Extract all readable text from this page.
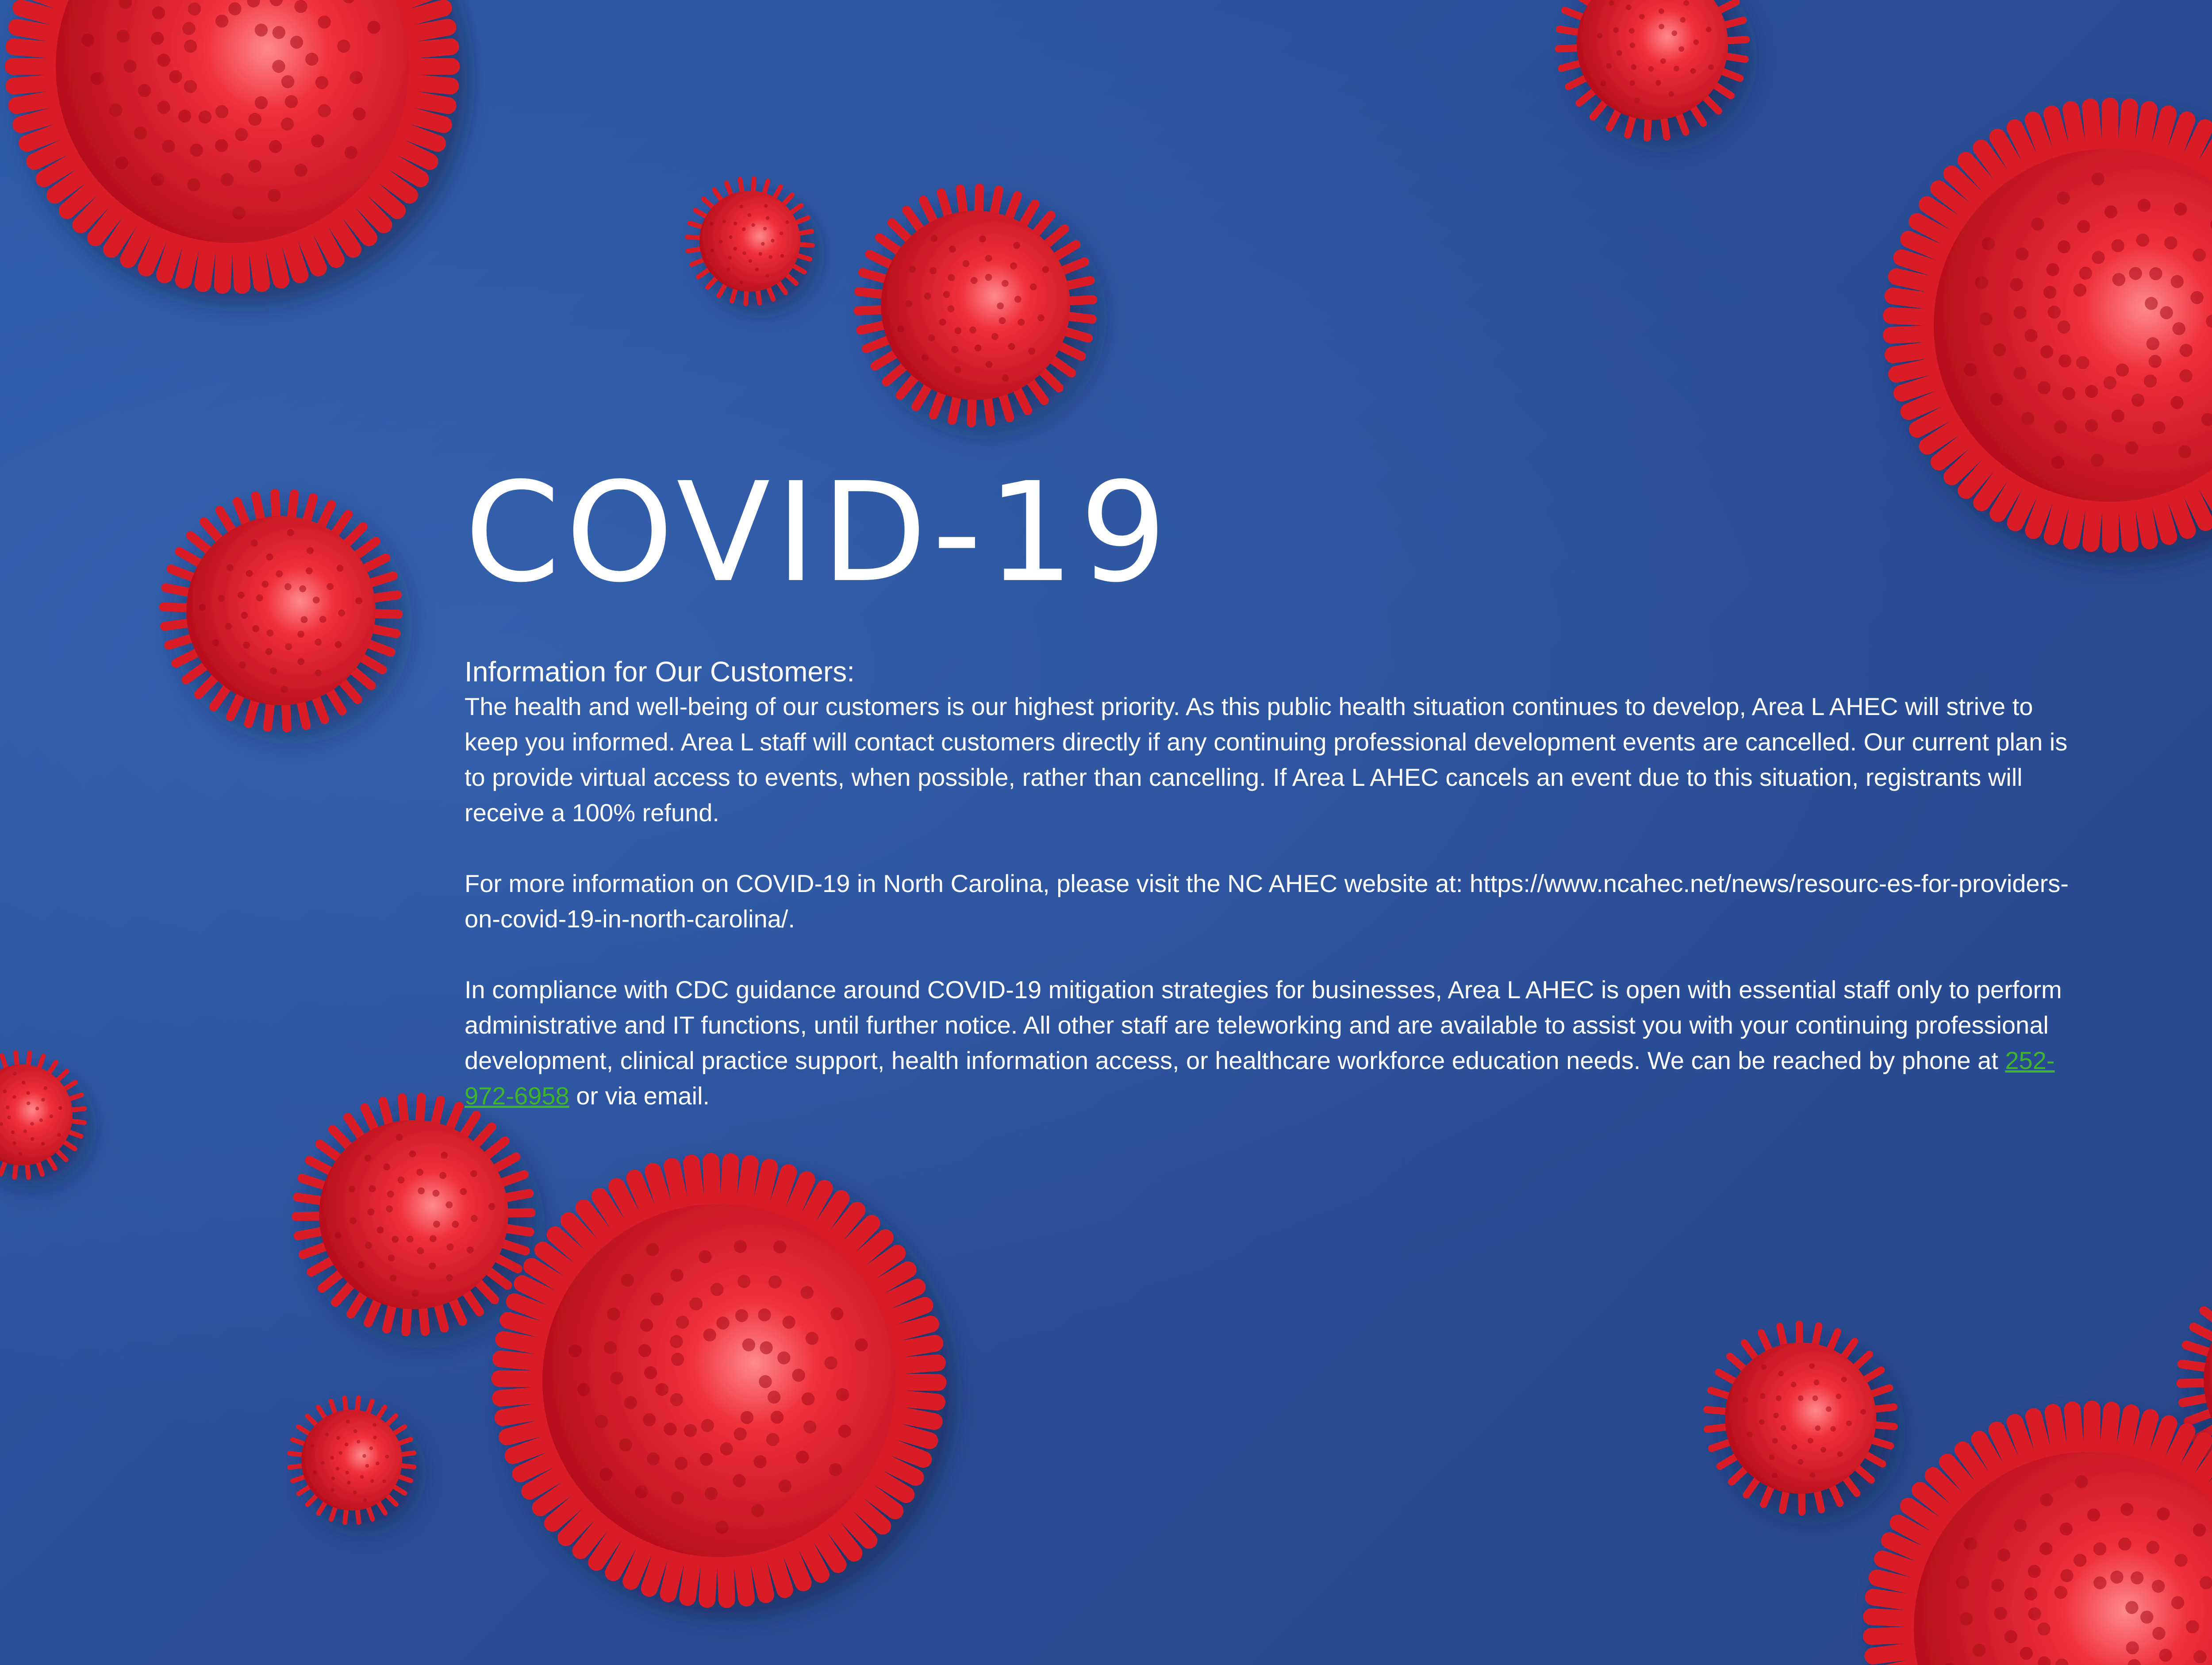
COVID-19
Information for Our Customers:

The health and well-being of our customers is our highest priority. As this public health situation continues to develop, Area L AHEC will strive to keep you informed. Area L staff will contact customers directly if any continuing professional development events are cancelled. Our current plan is to provide virtual access to events, when possible, rather than cancelling. If Area L AHEC cancels an event due to this situation, registrants will receive a 100% refund.

For more information on COVID-19 in North Carolina, please visit the NC AHEC website at: https://www.ncahec.net/news/resourc-es-for-providers-on-covid-19-in-north-carolina/.

In compliance with CDC guidance around COVID-19 mitigation strategies for businesses, Area L AHEC is open with essential staff only to perform administrative and IT functions, until further notice. All other staff are teleworking and are available to assist you with your continuing professional development, clinical practice support, health information access, or healthcare workforce education needs. We can be reached by phone at 252-972-6958 or via email.
